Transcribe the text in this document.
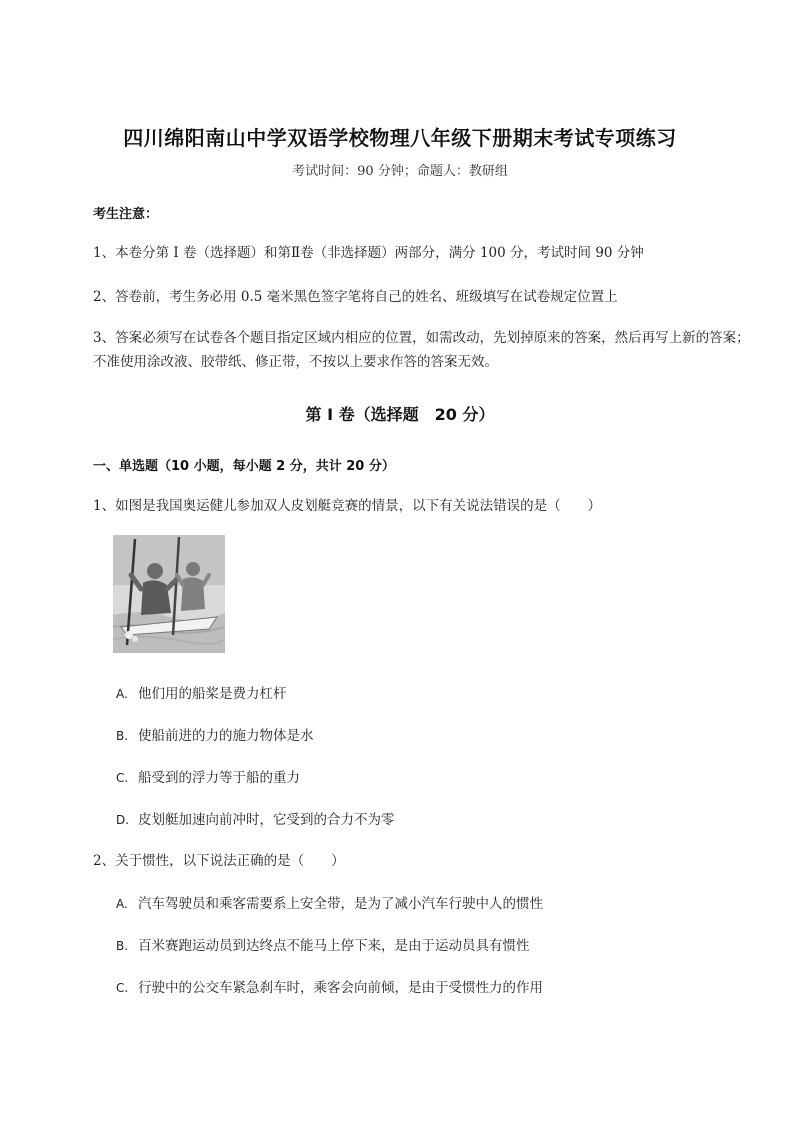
四川绵阳南山中学双语学校物理八年级下册期末考试专项练习
考试时间：90 分钟；命题人：教研组
考生注意：
1、本卷分第 I 卷（选择题）和第Ⅱ卷（非选择题）两部分，满分 100 分，考试时间 90 分钟
2、答卷前，考生务必用 0.5 毫米黑色签字笔将自己的姓名、班级填写在试卷规定位置上
3、答案必须写在试卷各个题目指定区域内相应的位置，如需改动，先划掉原来的答案，然后再写上新的答案；不准使用涂改液、胶带纸、修正带，不按以上要求作答的答案无效。
第 I 卷（选择题　20 分）
一、单选题（10 小题，每小题 2 分，共计 20 分）
1、如图是我国奥运健儿参加双人皮划艇竞赛的情景，以下有关说法错误的是（　　）
A. 他们用的船桨是费力杠杆
B. 使船前进的力的施力物体是水
C. 船受到的浮力等于船的重力
D. 皮划艇加速向前冲时，它受到的合力不为零
2、关于惯性，以下说法正确的是（　　）
A. 汽车驾驶员和乘客需要系上安全带，是为了减小汽车行驶中人的惯性
B. 百米赛跑运动员到达终点不能马上停下来，是由于运动员具有惯性
C. 行驶中的公交车紧急刹车时，乘客会向前倾，是由于受惯性力的作用
